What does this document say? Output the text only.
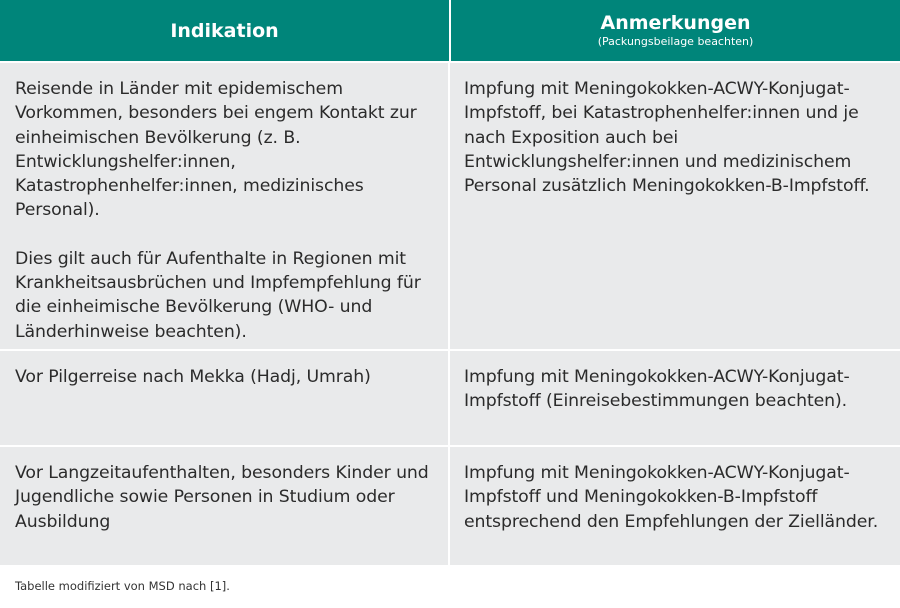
Indikation	Anmerkungen
(Packungsbeilage beachten)

Reisende in Länder mit epidemischem Vorkommen, besonders bei engem Kontakt zur einheimischen Bevölkerung (z. B. Entwicklungshelfer:innen, Katastrophenhelfer:innen, medizinisches Personal).

Dies gilt auch für Aufenthalte in Regionen mit Krankheitsausbrüchen und Impfempfehlung für die einheimische Bevölkerung (WHO- und Länderhinweise beachten).

Impfung mit Meningokokken-ACWY-Konjugat-Impfstoff, bei Katastrophenhelfer:innen und je nach Exposition auch bei Entwicklungshelfer:innen und medizinischem Personal zusätzlich Meningokokken-B-Impfstoff.

Vor Pilgerreise nach Mekka (Hadj, Umrah)	Impfung mit Meningokokken-ACWY-Konjugat-Impfstoff (Einreisebestimmungen beachten).

Vor Langzeitaufenthalten, besonders Kinder und Jugendliche sowie Personen in Studium oder Ausbildung

Impfung mit Meningokokken-ACWY-Konjugat-Impfstoff und Meningokokken-B-Impfstoff entsprechend den Empfehlungen der Zielländer.

Tabelle modifiziert von MSD nach [1].
